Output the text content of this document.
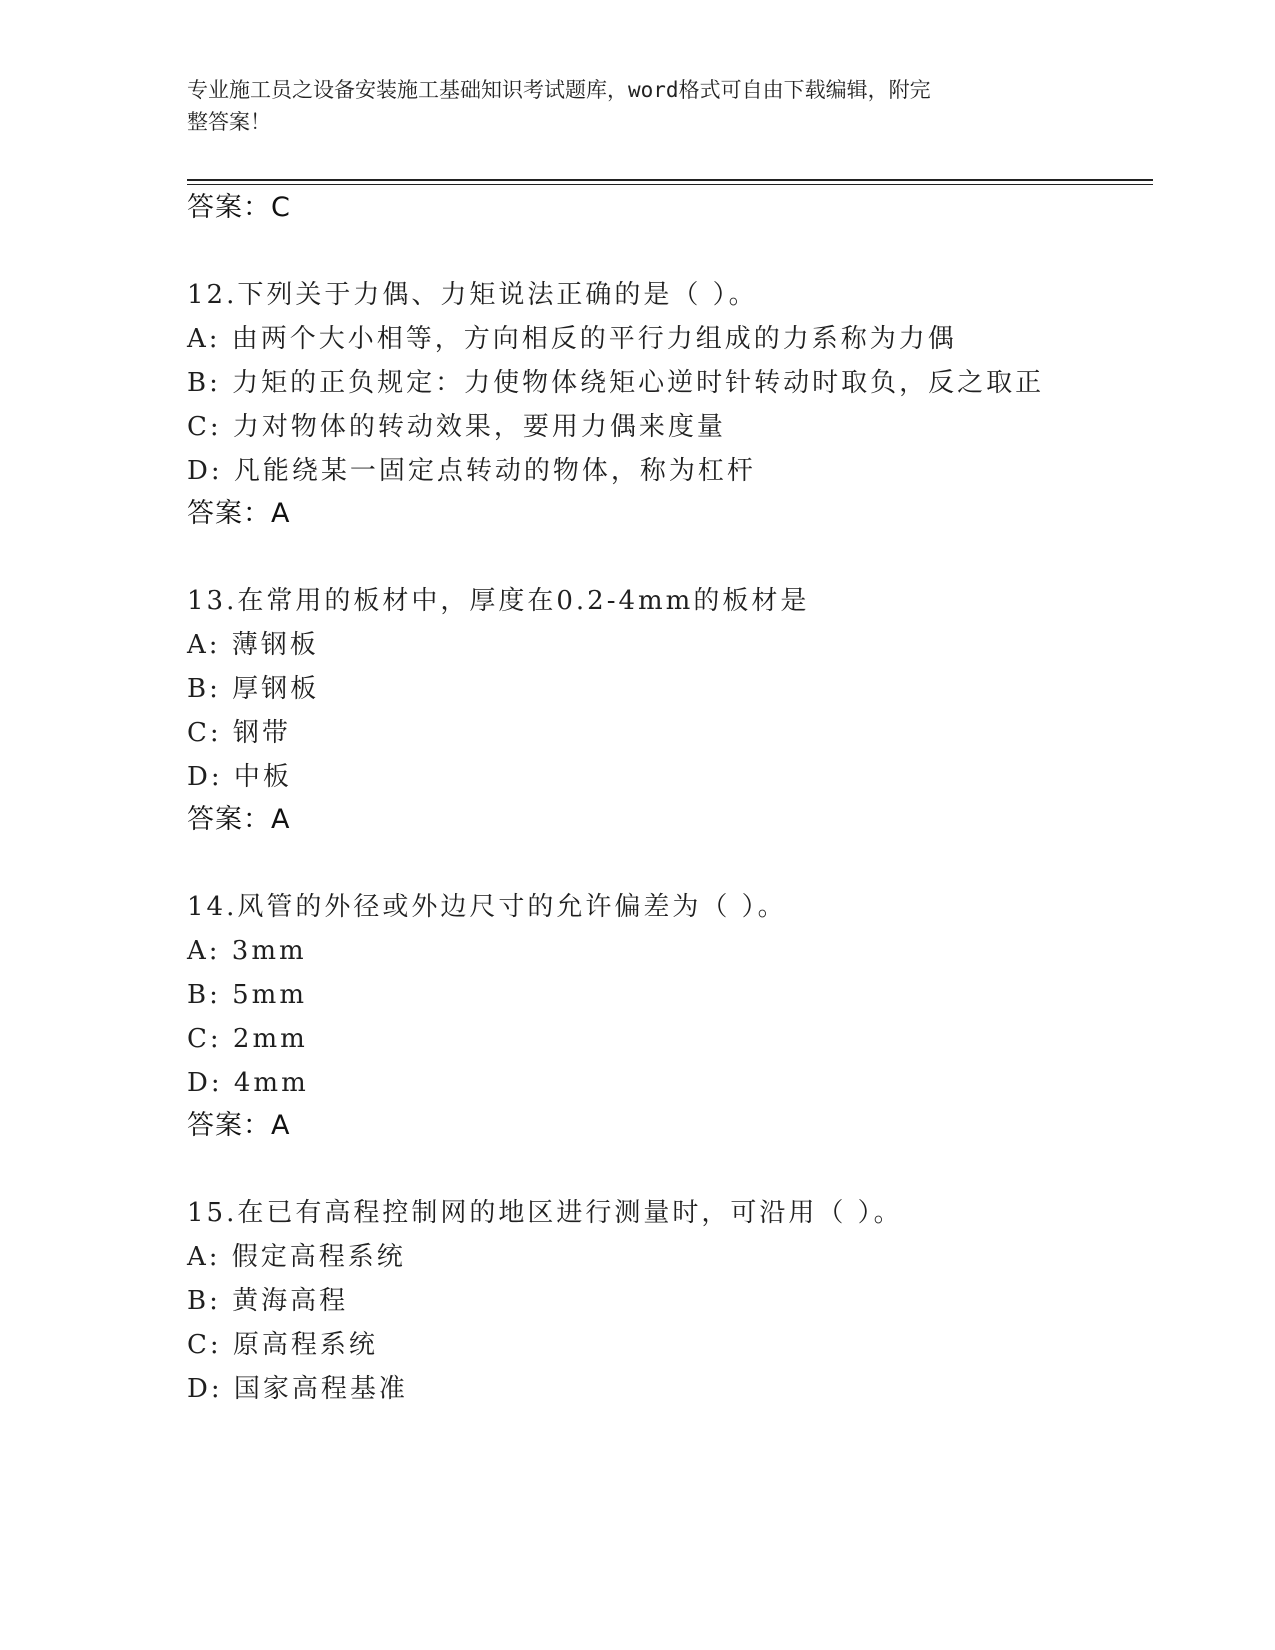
专业施工员之设备安装施工基础知识考试题库，word格式可自由下载编辑，附完
整答案！
答案：C
12.下列关于力偶、力矩说法正确的是（ ）。
A: 由两个大小相等，方向相反的平行力组成的力系称为力偶
B: 力矩的正负规定：力使物体绕矩心逆时针转动时取负，反之取正
C: 力对物体的转动效果，要用力偶来度量
D: 凡能绕某一固定点转动的物体，称为杠杆
答案：A
13.在常用的板材中，厚度在0.2-4mm的板材是
A: 薄钢板
B: 厚钢板
C: 钢带
D: 中板
答案：A
14.风管的外径或外边尺寸的允许偏差为（ ）。
A: 3mm
B: 5mm
C: 2mm
D: 4mm
答案：A
15.在已有高程控制网的地区进行测量时，可沿用（ ）。
A: 假定高程系统
B: 黄海高程
C: 原高程系统
D: 国家高程基准
